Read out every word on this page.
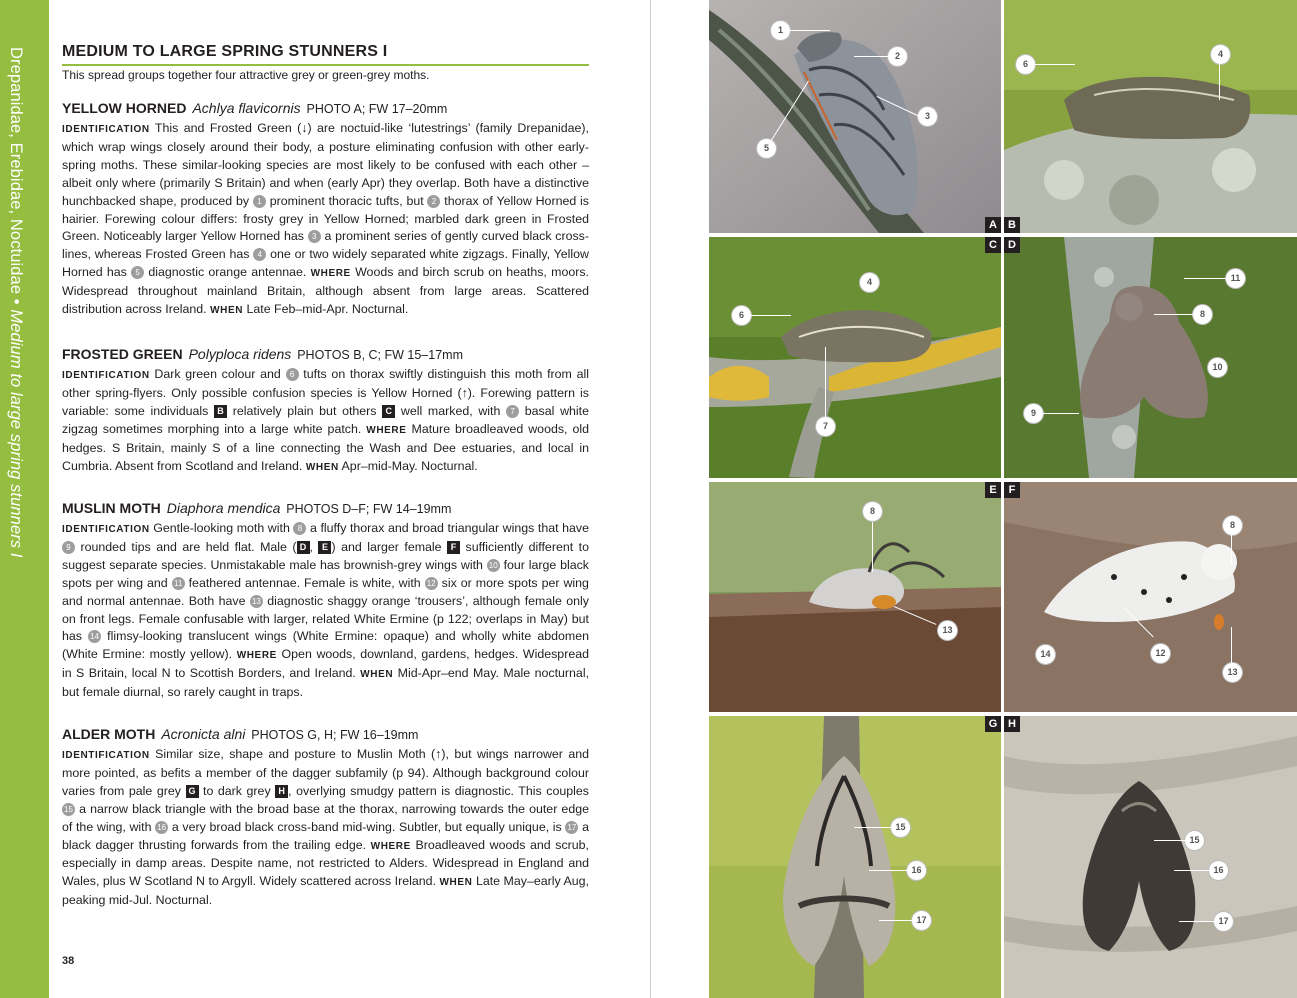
Drepanidae, Erebidae, Noctuidae • Medium to large spring stunners I
MEDIUM TO LARGE SPRING STUNNERS I
This spread groups together four attractive grey or green-grey moths.
YELLOW HORNED Achlya flavicornis PHOTO A; FW 17–20mm
IDENTIFICATION This and Frosted Green (↓) are noctuid-like ‘lutestrings’ (family Drepanidae), which wrap wings closely around their body, a posture eliminating confusion with other early-spring moths. These similar-looking species are most likely to be confused with each other – albeit only where (primarily S Britain) and when (early Apr) they overlap. Both have a distinctive hunchbacked shape, produced by 1 prominent thoracic tufts, but 2 thorax of Yellow Horned is hairier. Forewing colour differs: frosty grey in Yellow Horned; marbled dark green in Frosted Green. Noticeably larger Yellow Horned has 3 a prominent series of gently curved black cross-lines, whereas Frosted Green has 4 one or two widely separated white zigzags. Finally, Yellow Horned has 5 diagnostic orange antennae. WHERE Woods and birch scrub on heaths, moors. Widespread throughout mainland Britain, although absent from large areas. Scattered distribution across Ireland. WHEN Late Feb–mid-Apr. Nocturnal.
FROSTED GREEN Polyploca ridens PHOTOS B, C; FW 15–17mm
IDENTIFICATION Dark green colour and 6 tufts on thorax swiftly distinguish this moth from all other spring-flyers. Only possible confusion species is Yellow Horned (↑). Forewing pattern is variable: some individuals B relatively plain but others C well marked, with 7 basal white zigzag sometimes morphing into a large white patch. WHERE Mature broadleaved woods, old hedges. S Britain, mainly S of a line connecting the Wash and Dee estuaries, and local in Cumbria. Absent from Scotland and Ireland. WHEN Apr–mid-May. Nocturnal.
MUSLIN MOTH Diaphora mendica PHOTOS D–F; FW 14–19mm
IDENTIFICATION Gentle-looking moth with 8 a fluffy thorax and broad triangular wings that have 9 rounded tips and are held flat. Male ( D , E ) and larger female F sufficiently different to suggest separate species. Unmistakable male has brownish-grey wings with 10 four large black spots per wing and 11 feathered antennae. Female is white, with 12 six or more spots per wing and normal antennae. Both have 13 diagnostic shaggy orange ‘trousers’, although female only on front legs. Female confusable with larger, related White Ermine (p 122; overlaps in May) but has 14 flimsy-looking translucent wings (White Ermine: opaque) and wholly white abdomen (White Ermine: mostly yellow). WHERE Open woods, downland, gardens, hedges. Widespread in S Britain, local N to Scottish Borders, and Ireland. WHEN Mid-Apr–end May. Male nocturnal, but female diurnal, so rarely caught in traps.
ALDER MOTH Acronicta alni PHOTOS G, H; FW 16–19mm
IDENTIFICATION Similar size, shape and posture to Muslin Moth (↑), but wings narrower and more pointed, as befits a member of the dagger subfamily (p 94). Although background colour varies from pale grey G to dark grey H , overlying smudgy pattern is diagnostic. This couples 15 a narrow black triangle with the broad base at the thorax, narrowing towards the outer edge of the wing, with 16 a very broad black cross-band mid-wing. Subtler, but equally unique, is 17 a black dagger thrusting forwards from the trailing edge. WHERE Broadleaved woods and scrub, especially in damp areas. Despite name, not restricted to Alders. Widespread in England and Wales, plus W Scotland N to Argyll. Widely scattered across Ireland. WHEN Late May–early Aug, peaking mid-Jul. Nocturnal.
38
1
2
3
5
A
6
4
B
4
6
7
C
11
8
10
9
D
8
13
E
8
14	12
13
F
15
16
17
G
15
16
17
H
